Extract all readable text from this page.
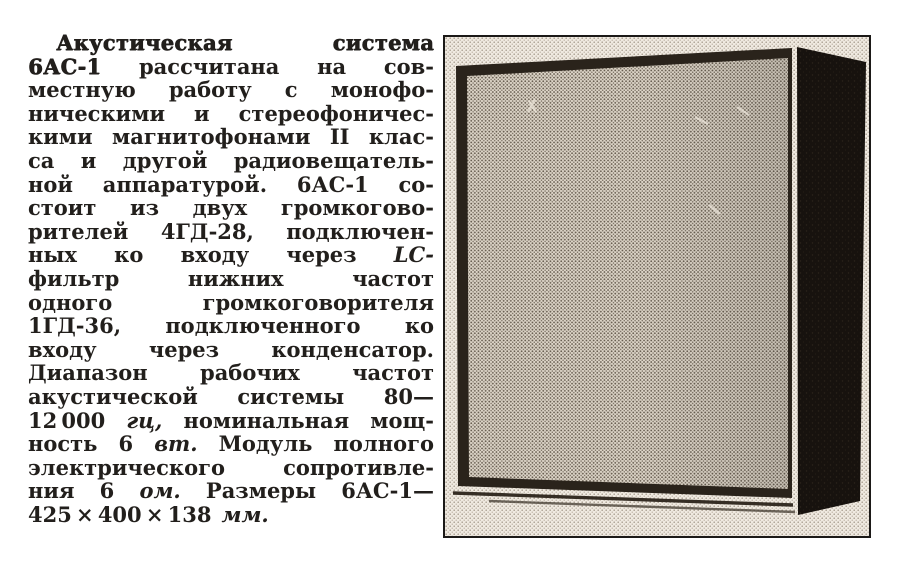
Акустическая	система
6АС-1 рассчитана на сов-
местную работу с монофо-
ническими и стереофоничес-
кими магнитофонами II клас-
са и другой радиовещатель-
ной аппаратурой. 6АС-1 со-
стоит из двух громкогово-
рителей 4ГД-28, подключен-
ных ко входу через LC-
фильтр	нижних	частот
одного	громкоговорителя
1ГД-36, подключенного ко
входу через конденсатор.
Диапазон рабочих частот
акустической системы 80—
12 000 гц, номинальная мощ-
ность 6 вт. Модуль полного
электрического	сопротивле-
ния 6 ом. Размеры 6АС-1—
425 × 400 × 138 мм.
